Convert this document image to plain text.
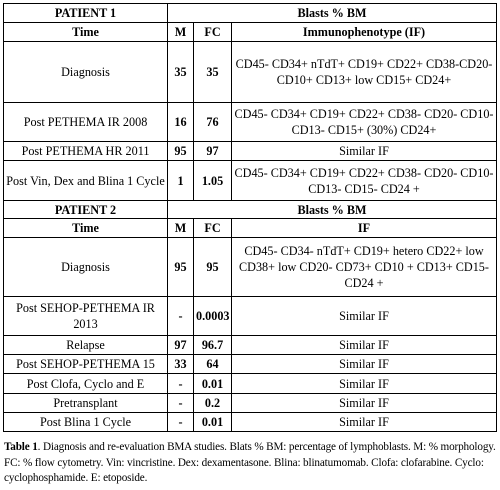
PATIENT 1	Blasts % BM		
Time	M	FC	Immunophenotype (IF)
Diagnosis	35	35	CD45- CD34+ nTdT+ CD19+ CD22+ CD38-CD20- CD10+ CD13+ low CD15+ CD24+
Post PETHEMA IR 2008	16	76	CD45- CD34+ CD19+ CD22+ CD38- CD20- CD10- CD13- CD15+ (30%) CD24+
Post PETHEMA HR 2011	95	97	Similar IF
Post Vin, Dex and Blina 1 Cycle	1	1.05	CD45- CD34+ CD19+ CD22+ CD38- CD20- CD10- CD13- CD15- CD24 +
PATIENT 2	Blasts % BM		
Time	M	FC	IF
Diagnosis	95	95	CD45- CD34- nTdT+ CD19+ hetero CD22+ low CD38+ low CD20- CD73+ CD10 + CD13+ CD15- CD24 +
Post SEHOP-PETHEMA IR 2013	-	0.0003	Similar IF
Relapse	97	96.7	Similar IF
Post SEHOP-PETHEMA 15	33	64	Similar IF
Post Clofa, Cyclo and E	-	0.01	Similar IF
Pretransplant	-	0.2	Similar IF
Post Blina 1 Cycle	-	0.01	Similar IF
Table 1. Diagnosis and re-evaluation BMA studies. Blats % BM: percentage of lymphoblasts. M: % morphology. FC: % flow cytometry. Vin: vincristine. Dex: dexamentasone. Blina: blinatumomab. Clofa: clofarabine. Cyclo: cyclophosphamide. E: etoposide.
